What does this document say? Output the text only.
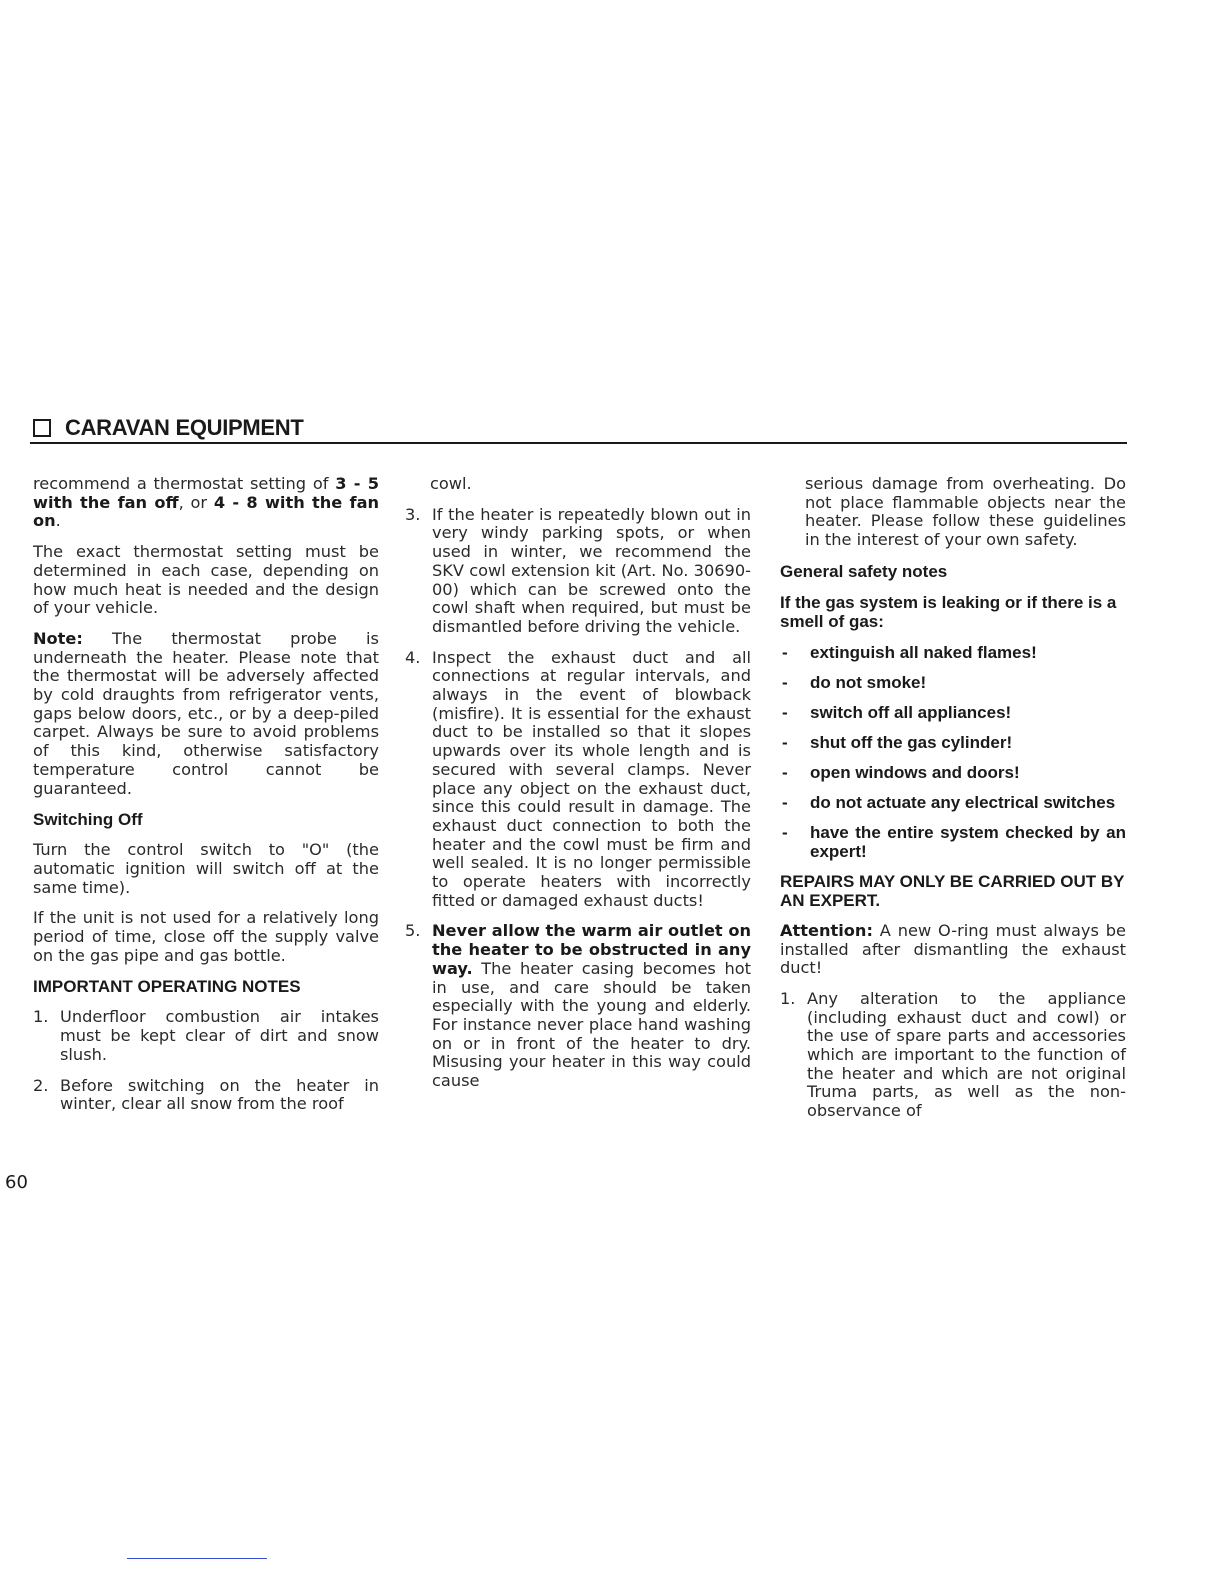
CARAVAN EQUIPMENT

recommend a thermostat setting of 3 - 5 with the fan off, or 4 - 8 with the fan on.

The exact thermostat setting must be determined in each case, depending on how much heat is needed and the design of your vehicle.

Note: The thermostat probe is underneath the heater. Please note that the thermostat will be adversely affected by cold draughts from refrigerator vents, gaps below doors, etc., or by a deep-piled carpet. Always be sure to avoid problems of this kind, otherwise satisfactory temperature control cannot be guaranteed.

Switching Off

Turn the control switch to "O" (the automatic ignition will switch off at the same time).

If the unit is not used for a relatively long period of time, close off the supply valve on the gas pipe and gas bottle.

IMPORTANT OPERATING NOTES
1. Underfloor combustion air intakes must be kept clear of dirt and snow slush.
2. Before switching on the heater in winter, clear all snow from the roof

cowl.

3. If the heater is repeatedly blown out in very windy parking spots, or when used in winter, we recommend the SKV cowl extension kit (Art. No. 30690-00) which can be screwed onto the cowl shaft when required, but must be dismantled before driving the vehicle.
4. Inspect the exhaust duct and all connections at regular intervals, and always in the event of blowback (misfire). It is essential for the exhaust duct to be installed so that it slopes upwards over its whole length and is secured with several clamps. Never place any object on the exhaust duct, since this could result in damage. The exhaust duct connection to both the heater and the cowl must be firm and well sealed. It is no longer permissible to operate heaters with incorrectly fitted or damaged exhaust ducts!
5. Never allow the warm air outlet on the heater to be obstructed in any way. The heater casing becomes hot in use, and care should be taken especially with the young and elderly. For instance never place hand washing on or in front of the heater to dry. Misusing your heater in this way could cause

serious damage from overheating. Do not place flammable objects near the heater. Please follow these guidelines in the interest of your own safety.

General safety notes
If the gas system is leaking or if there is a smell of gas:
- extinguish all naked flames!
- do not smoke!
- switch off all appliances!
- shut off the gas cylinder!
- open windows and doors!
- do not actuate any electrical switches
- have the entire system checked by an expert!
REPAIRS MAY ONLY BE CARRIED OUT BY AN EXPERT.

Attention: A new O-ring must always be installed after dismantling the exhaust duct!

1. Any alteration to the appliance (including exhaust duct and cowl) or the use of spare parts and accessories which are important to the function of the heater and which are not original Truma parts, as well as the non-observance of
60
